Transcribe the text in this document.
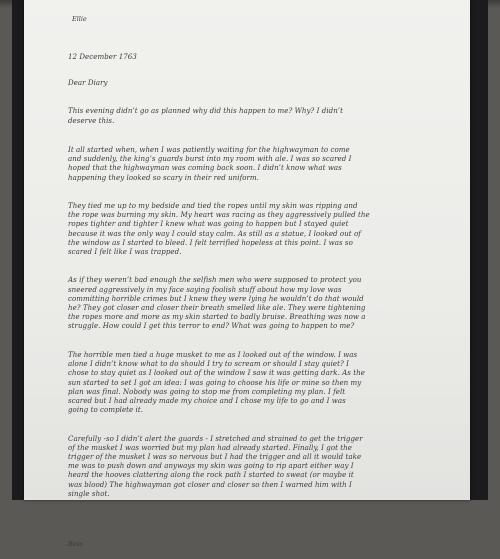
Ellie

12 December 1763

Dear Diary

This evening didn’t go as planned why did this happen to me? Why? I didn’t
deserve this.

It all started when, when I was patiently waiting for the highwayman to come
and suddenly, the king’s guards burst into my room with ale. I was so scared I
hoped that the highwayman was coming back soon. I didn’t know what was
happening they looked so scary in their red uniform.

They tied me up to my bedside and tied the ropes until my skin was ripping and
the rope was burning my skin. My heart was racing as they aggressively pulled the
ropes tighter and tighter I knew what was going to happen but I stayed quiet
because it was the only way I could stay calm. As still as a statue, I looked out of
the window as I started to bleed. I felt terrified hopeless at this point. I was so
scared I felt like I was trapped.

As if they weren’t bad enough the selfish men who were supposed to protect you
sneered aggressively in my face saying foolish stuff about how my love was
committing horrible crimes but I knew they were lying he wouldn’t do that would
he? They got closer and closer their breath smelled like ale. They were tightening
the ropes more and more as my skin started to badly bruise. Breathing was now a
struggle. How could I get this terror to end? What was going to happen to me?

The horrible men tied a huge musket to me as I looked out of the window. I was
alone I didn’t know what to do should I try to scream or should I stay quiet? I
chose to stay quiet as I looked out of the window I saw it was getting dark. As the
sun started to set I got an idea: I was going to choose his life or mine so then my
plan was final. Nobody was going to stop me from completing my plan. I felt
scared but I had already made my choice and I chose my life to go and I was
going to complete it.

Carefully -so I didn’t alert the guards - I stretched and strained to get the trigger
of the musket I was worried but my plan had already started. Finally, I got the
trigger of the musket I was so nervous but I had the trigger and all it would take
me was to push down and anyways my skin was going to rip apart either way I
heard the hooves clattering along the rock path I started to sweat (or maybe it
was blood) The highwayman got closer and closer so then I warned him with I
single shot.

Bess
